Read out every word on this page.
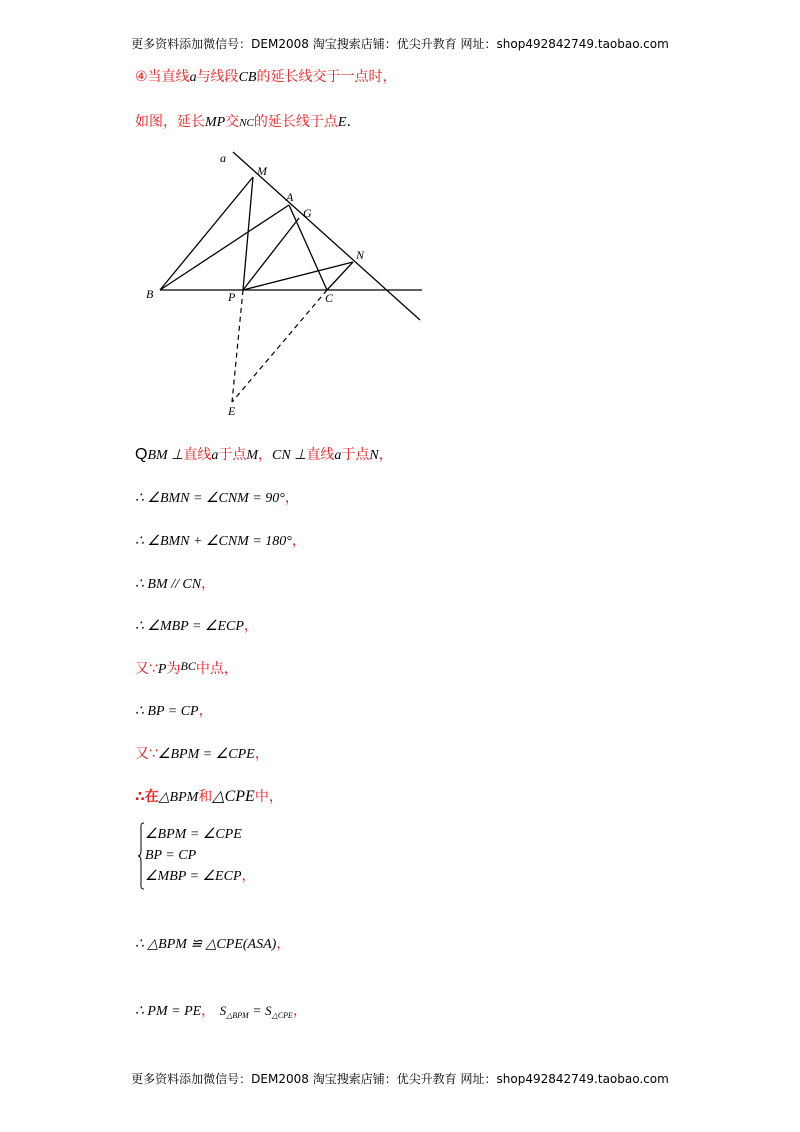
更多资料添加微信号：DEM2008 淘宝搜索店铺：优尖升教育 网址：shop492842749.taobao.com
④当直线a与线段CB的延长线交于一点时，
如图，延长MP交NC的延长线于点E.
a
M
A
G
N
B	P	C
E
QBM ⊥直线a于点M，CN ⊥直线a于点N，
∴ ∠BMN = ∠CNM = 90°，
∴ ∠BMN + ∠CNM = 180°，
∴ BM // CN，
∴ ∠MBP = ∠ECP，
又∵P为BC中点，
∴ BP = CP，
又∵∠BPM = ∠CPE，
∴在△BPM和△CPE中，
∠BPM = ∠CPE
BP = CP
∠MBP = ∠ECP，
∴ △BPM ≌ △CPE(ASA)，
∴ PM = PE， $S_{\triangle BPM} = S_{\triangle CPE}$，
更多资料添加微信号：DEM2008 淘宝搜索店铺：优尖升教育 网址：shop492842749.taobao.com
